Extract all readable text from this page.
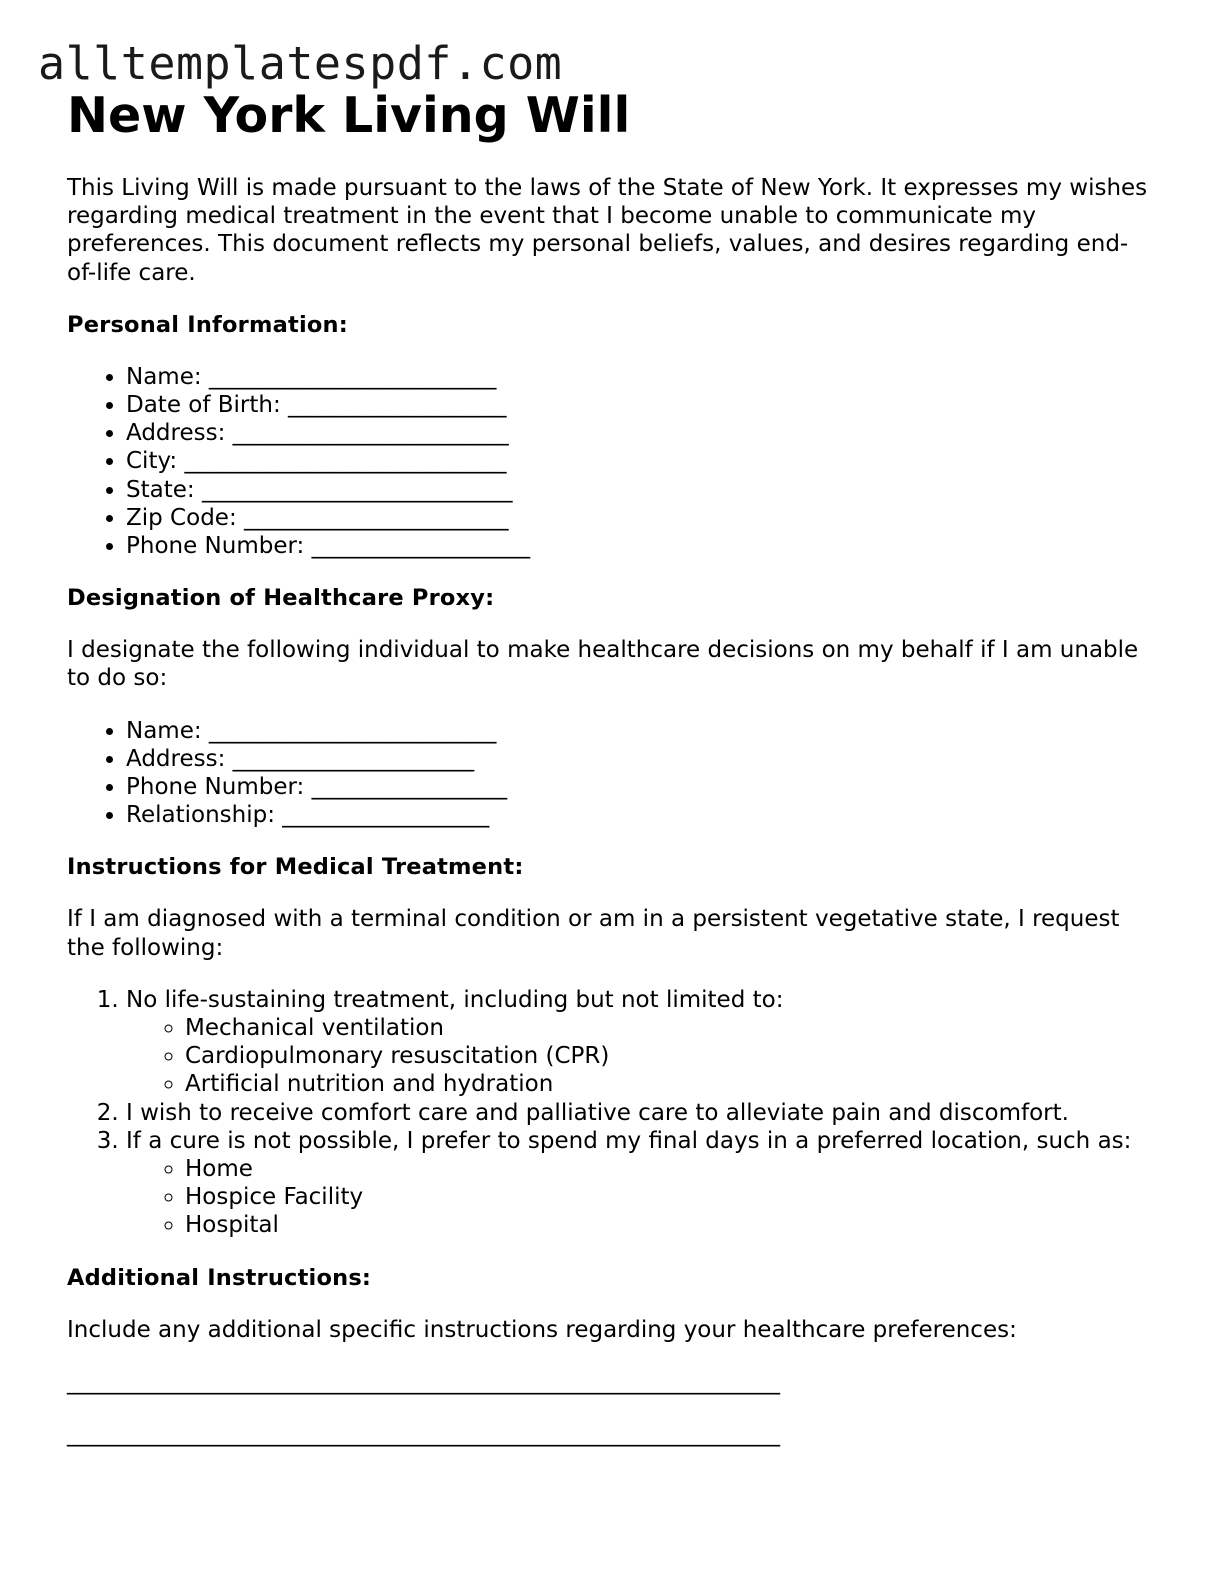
alltemplatespdf.com
New York Living Will

This Living Will is made pursuant to the laws of the State of New York. It expresses my wishes regarding medical treatment in the event that I become unable to communicate my preferences. This document reflects my personal beliefs, values, and desires regarding end-of-life care.

Personal Information:
• Name: _________________________
• Date of Birth: ___________________
• Address: ________________________
• City: ____________________________
• State: ___________________________
• Zip Code: _______________________
• Phone Number: ___________________
Designation of Healthcare Proxy:

I designate the following individual to make healthcare decisions on my behalf if I am unable to do so:

• Name: _________________________
• Address: _____________________
• Phone Number: _________________
• Relationship: __________________
Instructions for Medical Treatment:

If I am diagnosed with a terminal condition or am in a persistent vegetative state, I request the following:

1. No life-sustaining treatment, including but not limited to:
◦ Mechanical ventilation
◦ Cardiopulmonary resuscitation (CPR)
◦ Artificial nutrition and hydration
2. I wish to receive comfort care and palliative care to alleviate pain and discomfort.
3. If a cure is not possible, I prefer to spend my final days in a preferred location, such as:
◦ Home
◦ Hospice Facility
◦ Hospital
Additional Instructions:

Include any additional specific instructions regarding your healthcare preferences:

______________________________________________________________
______________________________________________________________
